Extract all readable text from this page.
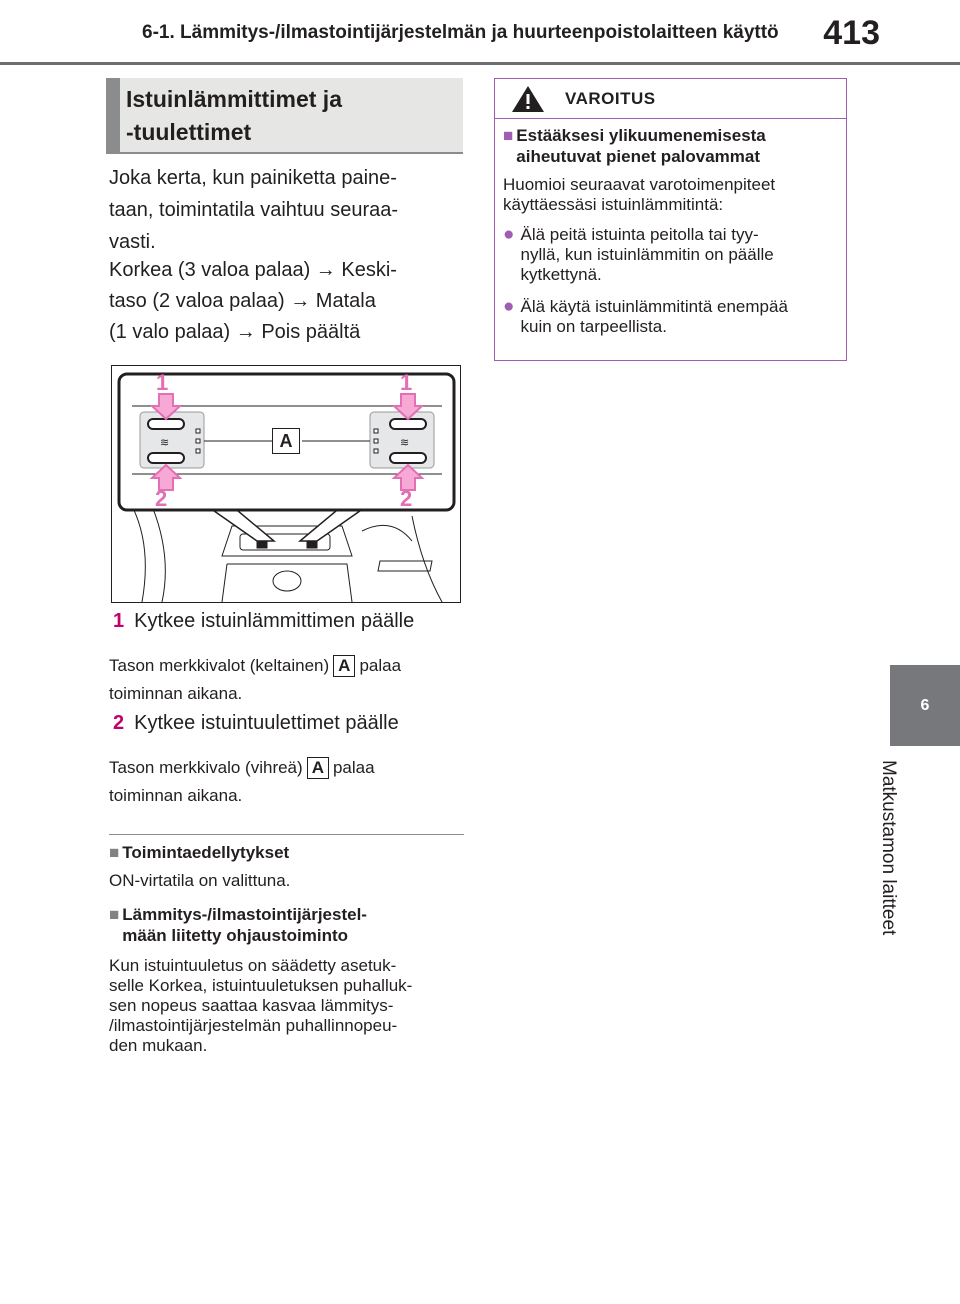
6-1. Lämmitys-/ilmastointijärjestelmän ja huurteenpoistolaitteen käyttö 413
6
Matkustamon laitteet
Istuinlämmittimet ja
-tuulettimet
Joka kerta, kun painiketta paine-
taan, toimintatila vaihtuu seuraa-
vasti.
Korkea (3 valoa palaa) → Keski-
taso (2 valoa palaa) → Matala
(1 valo palaa) → Pois päältä
≋	≋
1	1
2	2
A
1 Kytkee istuinlämmittimen päälle
Tason merkkivalot (keltainen) A palaa
toiminnan aikana.
2 Kytkee istuintuulettimet päälle
Tason merkkivalo (vihreä) A palaa
toiminnan aikana.
■ Toimintaedellytykset
ON-virtatila on valittuna.
■ Lämmitys-/ilmastointijärjestel-
mään liitetty ohjaustoiminto
Kun istuintuuletus on säädetty asetuk-
selle Korkea, istuintuuletuksen puhalluk-
sen nopeus saattaa kasvaa lämmitys-
/ilmastointijärjestelmän puhallinnopeu-
den mukaan.
VAROITUS
■ Estääksesi ylikuumenemisesta
aiheutuvat pienet palovammat
Huomioi seuraavat varotoimenpiteet
käyttäessäsi istuinlämmitintä:
● Älä peitä istuinta peitolla tai tyy-
nyllä, kun istuinlämmitin on päälle
kytkettynä.
● Älä käytä istuinlämmitintä enempää
kuin on tarpeellista.
